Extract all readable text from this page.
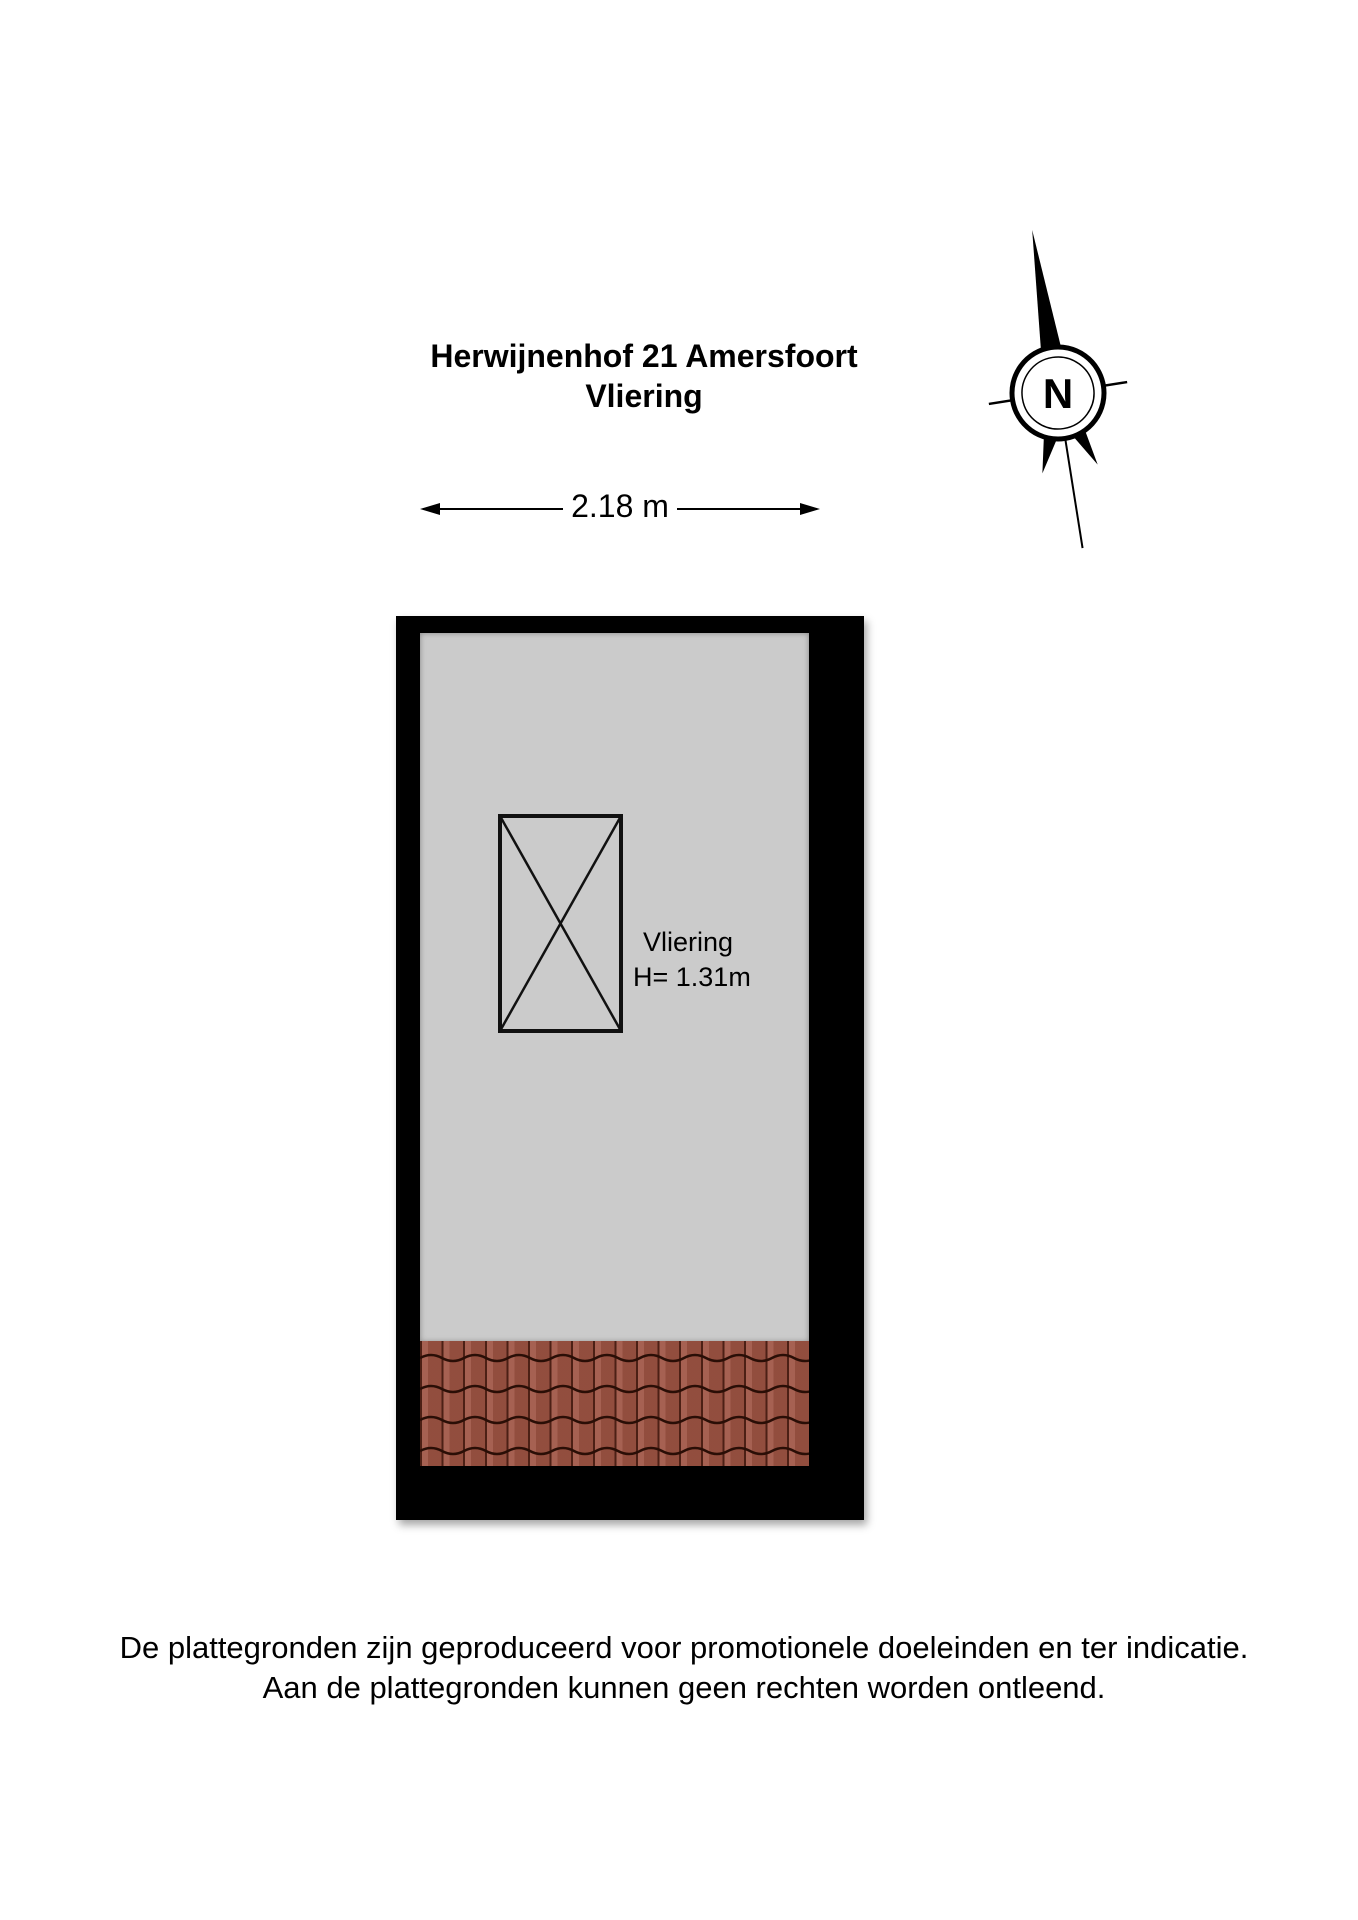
Herwijnenhof 21 Amersfoort
Vliering
2.18 m
N
Vliering
H= 1.31m
De plattegronden zijn geproduceerd voor promotionele doeleinden en ter indicatie.
Aan de plattegronden kunnen geen rechten worden ontleend.
